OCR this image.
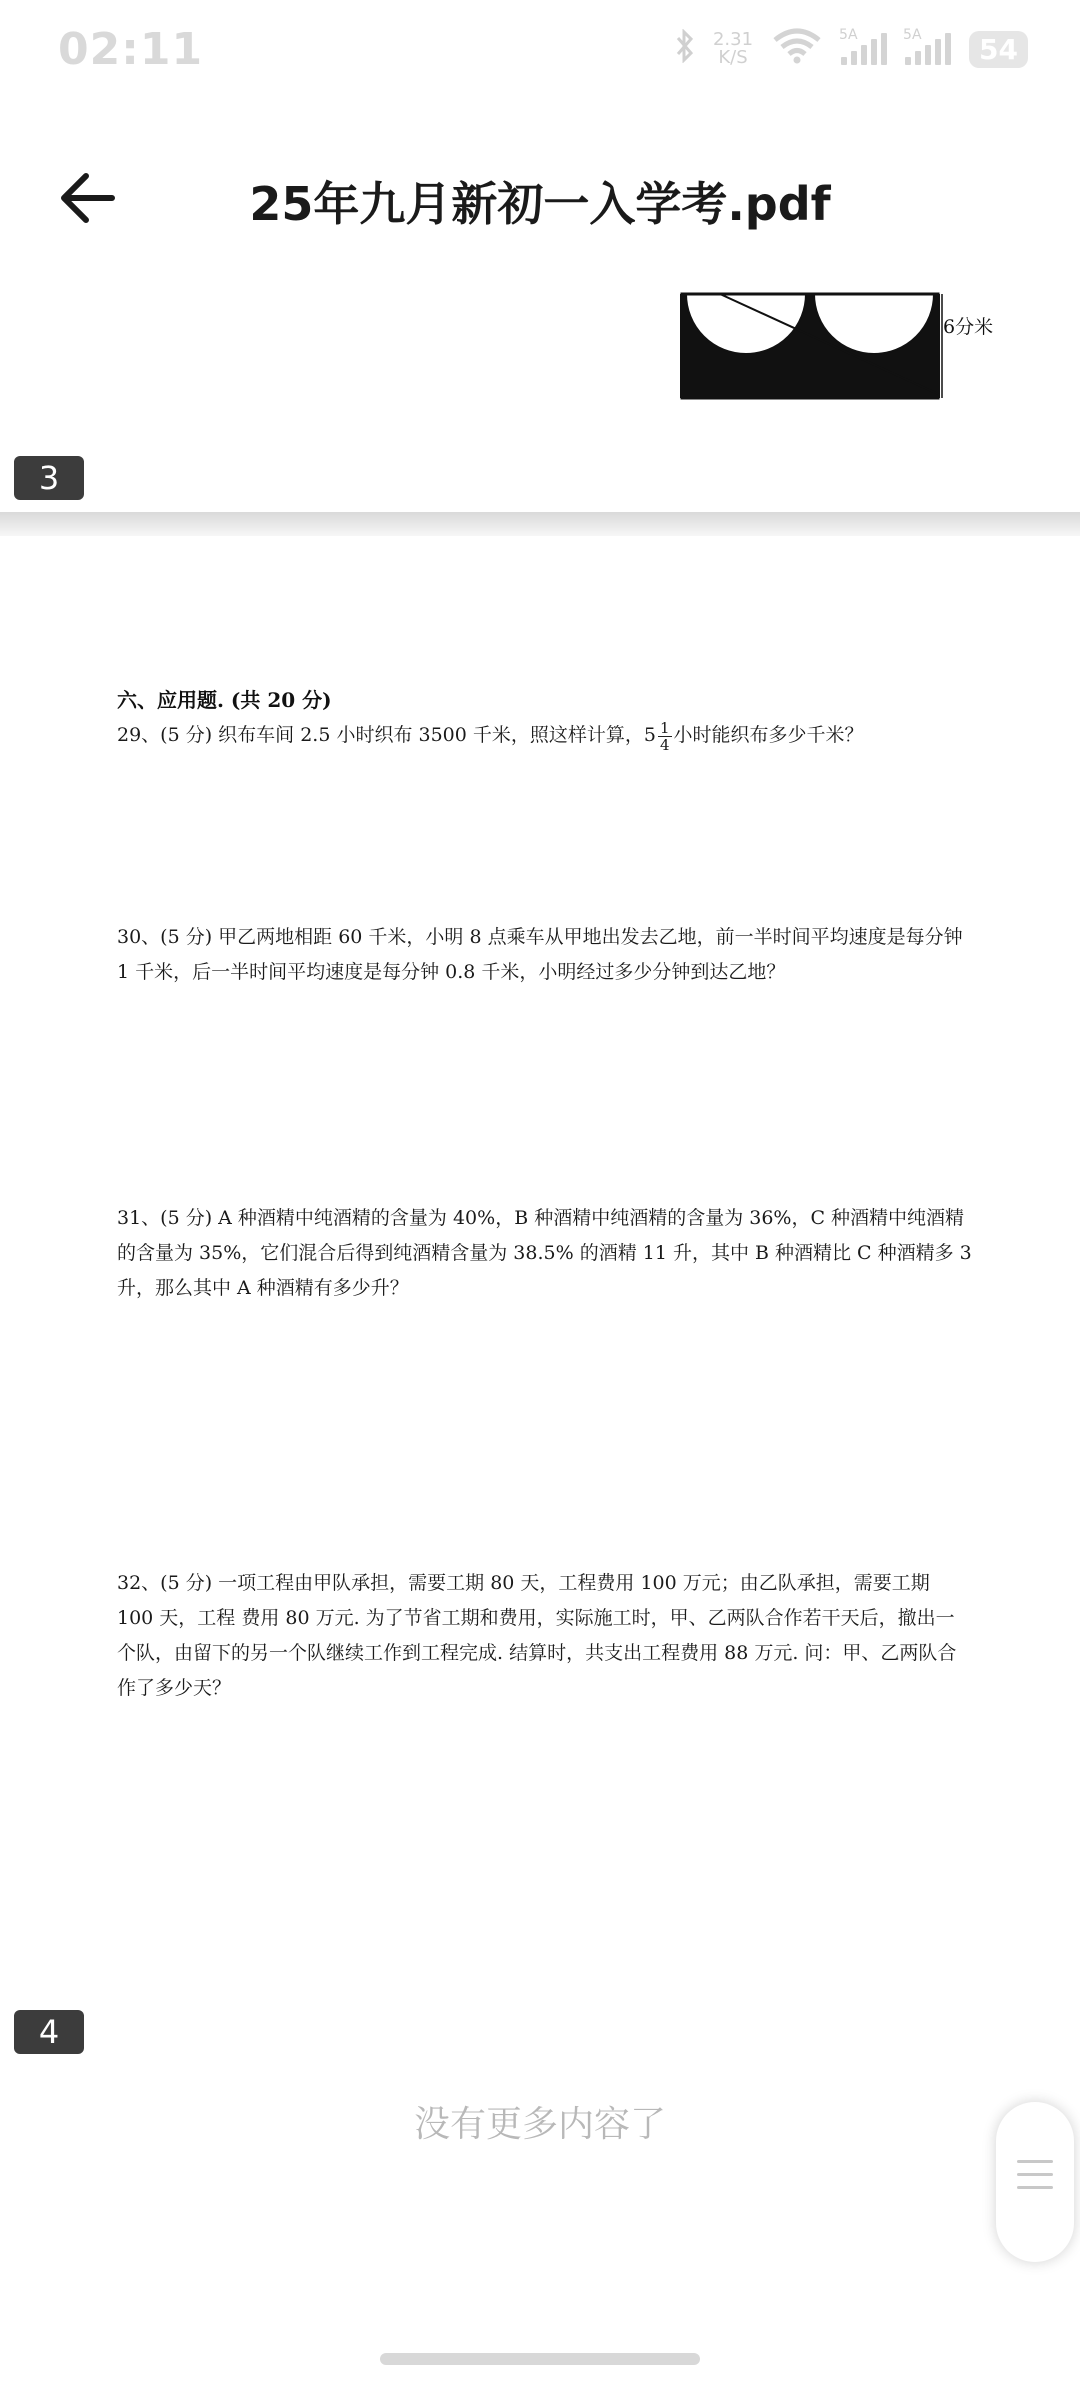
02:11	2.31
K/S
5A	5A	54
25年九月新初一入学考.pdf
6分米
3
六、应用题. (共 20 分)
29、(5 分) 织布车间 2.5 小时织布 3500 千米，照这样计算，$5 \frac{1}{4}$ 小时能织布多少千米？
30、(5 分) 甲乙两地相距 60 千米，小明 8 点乘车从甲地出发去乙地，前一半时间平均速度是每分钟 1 千米，后一半时间平均速度是每分钟 0.8 千米，小明经过多少分钟到达乙地？
31、(5 分) A 种酒精中纯酒精的含量为 40%，B 种酒精中纯酒精的含量为 36%，C 种酒精中纯酒精的含量为 35%，它们混合后得到纯酒精含量为 38.5% 的酒精 11 升，其中 B 种酒精比 C 种酒精多 3 升，那么其中 A 种酒精有多少升？
32、(5 分) 一项工程由甲队承担，需要工期 80 天，工程费用 100 万元；由乙队承担，需要工期 100 天，工程 费用 80 万元. 为了节省工期和费用，实际施工时，甲、乙两队合作若干天后，撤出一个队，由留下的另一个队继续工作到工程完成. 结算时，共支出工程费用 88 万元. 问：甲、乙两队合作了多少天？
4
没有更多内容了
